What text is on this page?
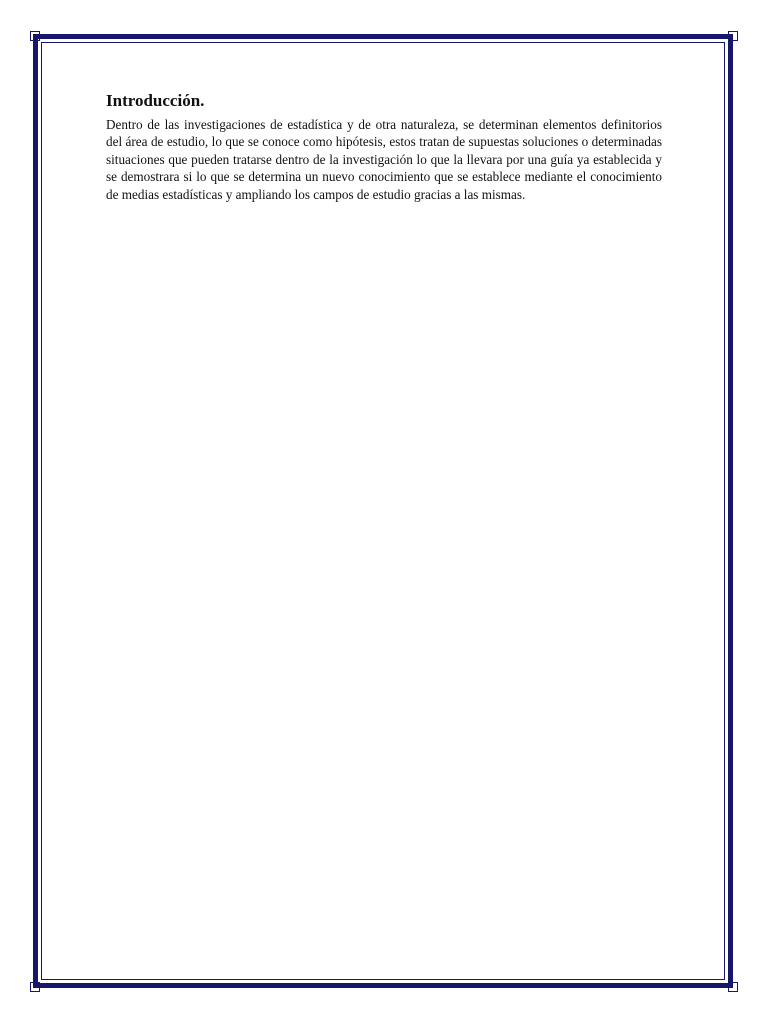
Introducción.

Dentro de las investigaciones de estadística y de otra naturaleza, se determinan elementos definitorios del área de estudio, lo que se conoce como hipótesis, estos tratan de supuestas soluciones o determinadas situaciones que pueden tratarse dentro de la investigación lo que la llevara por una guía ya establecida y se demostrara si lo que se determina un nuevo conocimiento que se establece mediante el conocimiento de medias estadísticas y ampliando los campos de estudio gracias a las mismas.
